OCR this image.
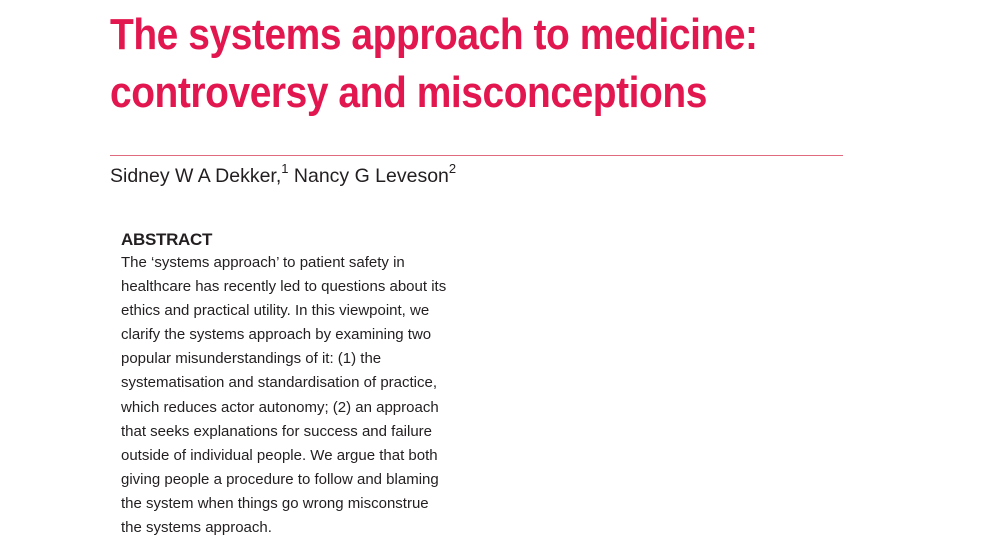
The systems approach to medicine:
controversy and misconceptions
Sidney W A Dekker,$^1$ Nancy G Leveson$^2$
ABSTRACT

The ‘systems approach’ to patient safety in
healthcare has recently led to questions about its
ethics and practical utility. In this viewpoint, we
clarify the systems approach by examining two
popular misunderstandings of it: (1) the
systematisation and standardisation of practice,
which reduces actor autonomy; (2) an approach
that seeks explanations for success and failure
outside of individual people. We argue that both
giving people a procedure to follow and blaming
the system when things go wrong misconstrue
the systems approach.
